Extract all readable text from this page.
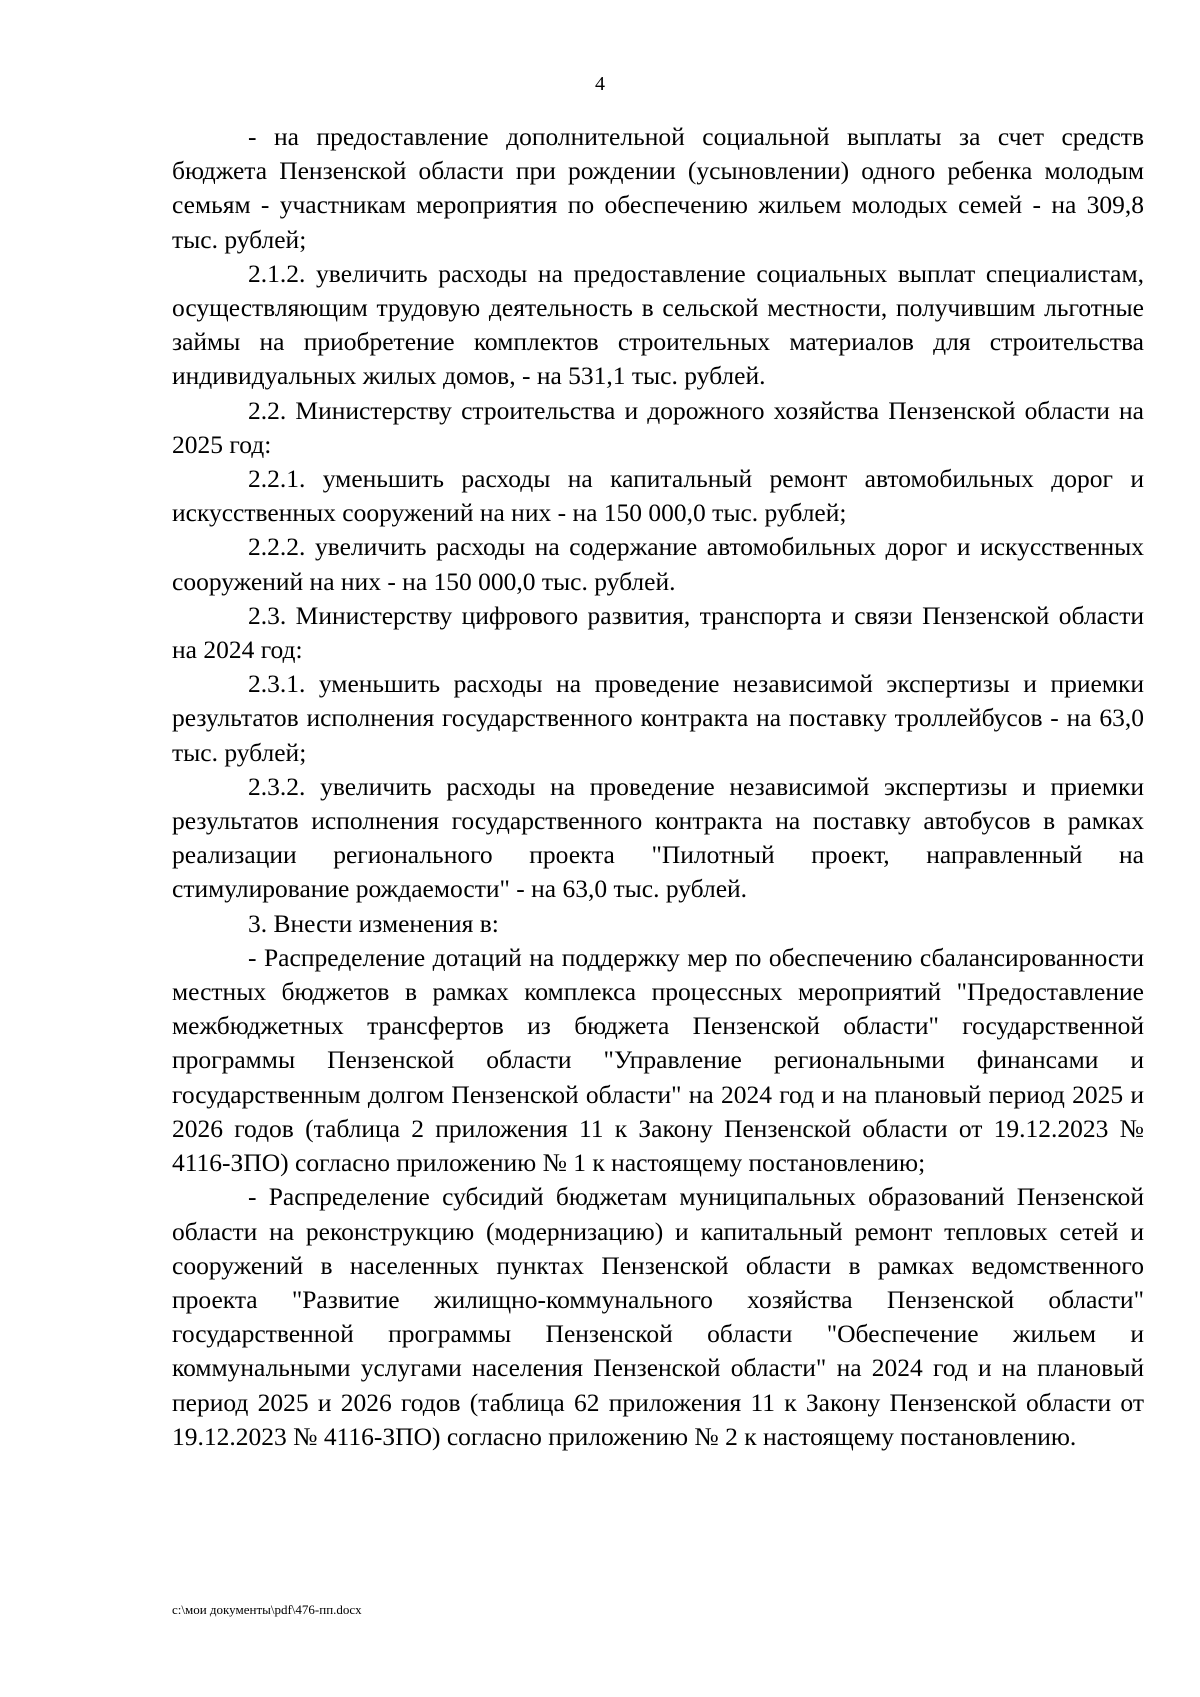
4

- на предоставление дополнительной социальной выплаты за счет средств бюджета Пензенской области при рождении (усыновлении) одного ребенка молодым семьям - участникам мероприятия по обеспечению жильем молодых семей - на 309,8 тыс. рублей;

2.1.2. увеличить расходы на предоставление социальных выплат специалистам, осуществляющим трудовую деятельность в сельской местности, получившим льготные займы на приобретение комплектов строительных материалов для строительства индивидуальных жилых домов, - на 531,1 тыс. рублей.

2.2. Министерству строительства и дорожного хозяйства Пензенской области на 2025 год:

2.2.1. уменьшить расходы на капитальный ремонт автомобильных дорог и искусственных сооружений на них - на 150 000,0 тыс. рублей;

2.2.2. увеличить расходы на содержание автомобильных дорог и искусственных сооружений на них - на 150 000,0 тыс. рублей.

2.3. Министерству цифрового развития, транспорта и связи Пензенской области на 2024 год:

2.3.1. уменьшить расходы на проведение независимой экспертизы и приемки результатов исполнения государственного контракта на поставку троллейбусов - на 63,0 тыс. рублей;

2.3.2. увеличить расходы на проведение независимой экспертизы и приемки результатов исполнения государственного контракта на поставку автобусов в рамках реализации регионального проекта "Пилотный проект, направленный на стимулирование рождаемости" - на 63,0 тыс. рублей.

3. Внести изменения в:

- Распределение дотаций на поддержку мер по обеспечению сбалансированности местных бюджетов в рамках комплекса процессных мероприятий "Предоставление межбюджетных трансфертов из бюджета Пензенской области" государственной программы Пензенской области "Управление региональными финансами и государственным долгом Пензенской области" на 2024 год и на плановый период 2025 и 2026 годов (таблица 2 приложения 11 к Закону Пензенской области от 19.12.2023 № 4116-ЗПО) согласно приложению № 1 к настоящему постановлению;

- Распределение субсидий бюджетам муниципальных образований Пензенской области на реконструкцию (модернизацию) и капитальный ремонт тепловых сетей и сооружений в населенных пунктах Пензенской области в рамках ведомственного проекта "Развитие жилищно-коммунального хозяйства Пензенской области" государственной программы Пензенской области "Обеспечение жильем и коммунальными услугами населения Пензенской области" на 2024 год и на плановый период 2025 и 2026 годов (таблица 62 приложения 11 к Закону Пензенской области от 19.12.2023 № 4116-ЗПО) согласно приложению № 2 к настоящему постановлению.

c:\мои документы\pdf\476-пп.docx
